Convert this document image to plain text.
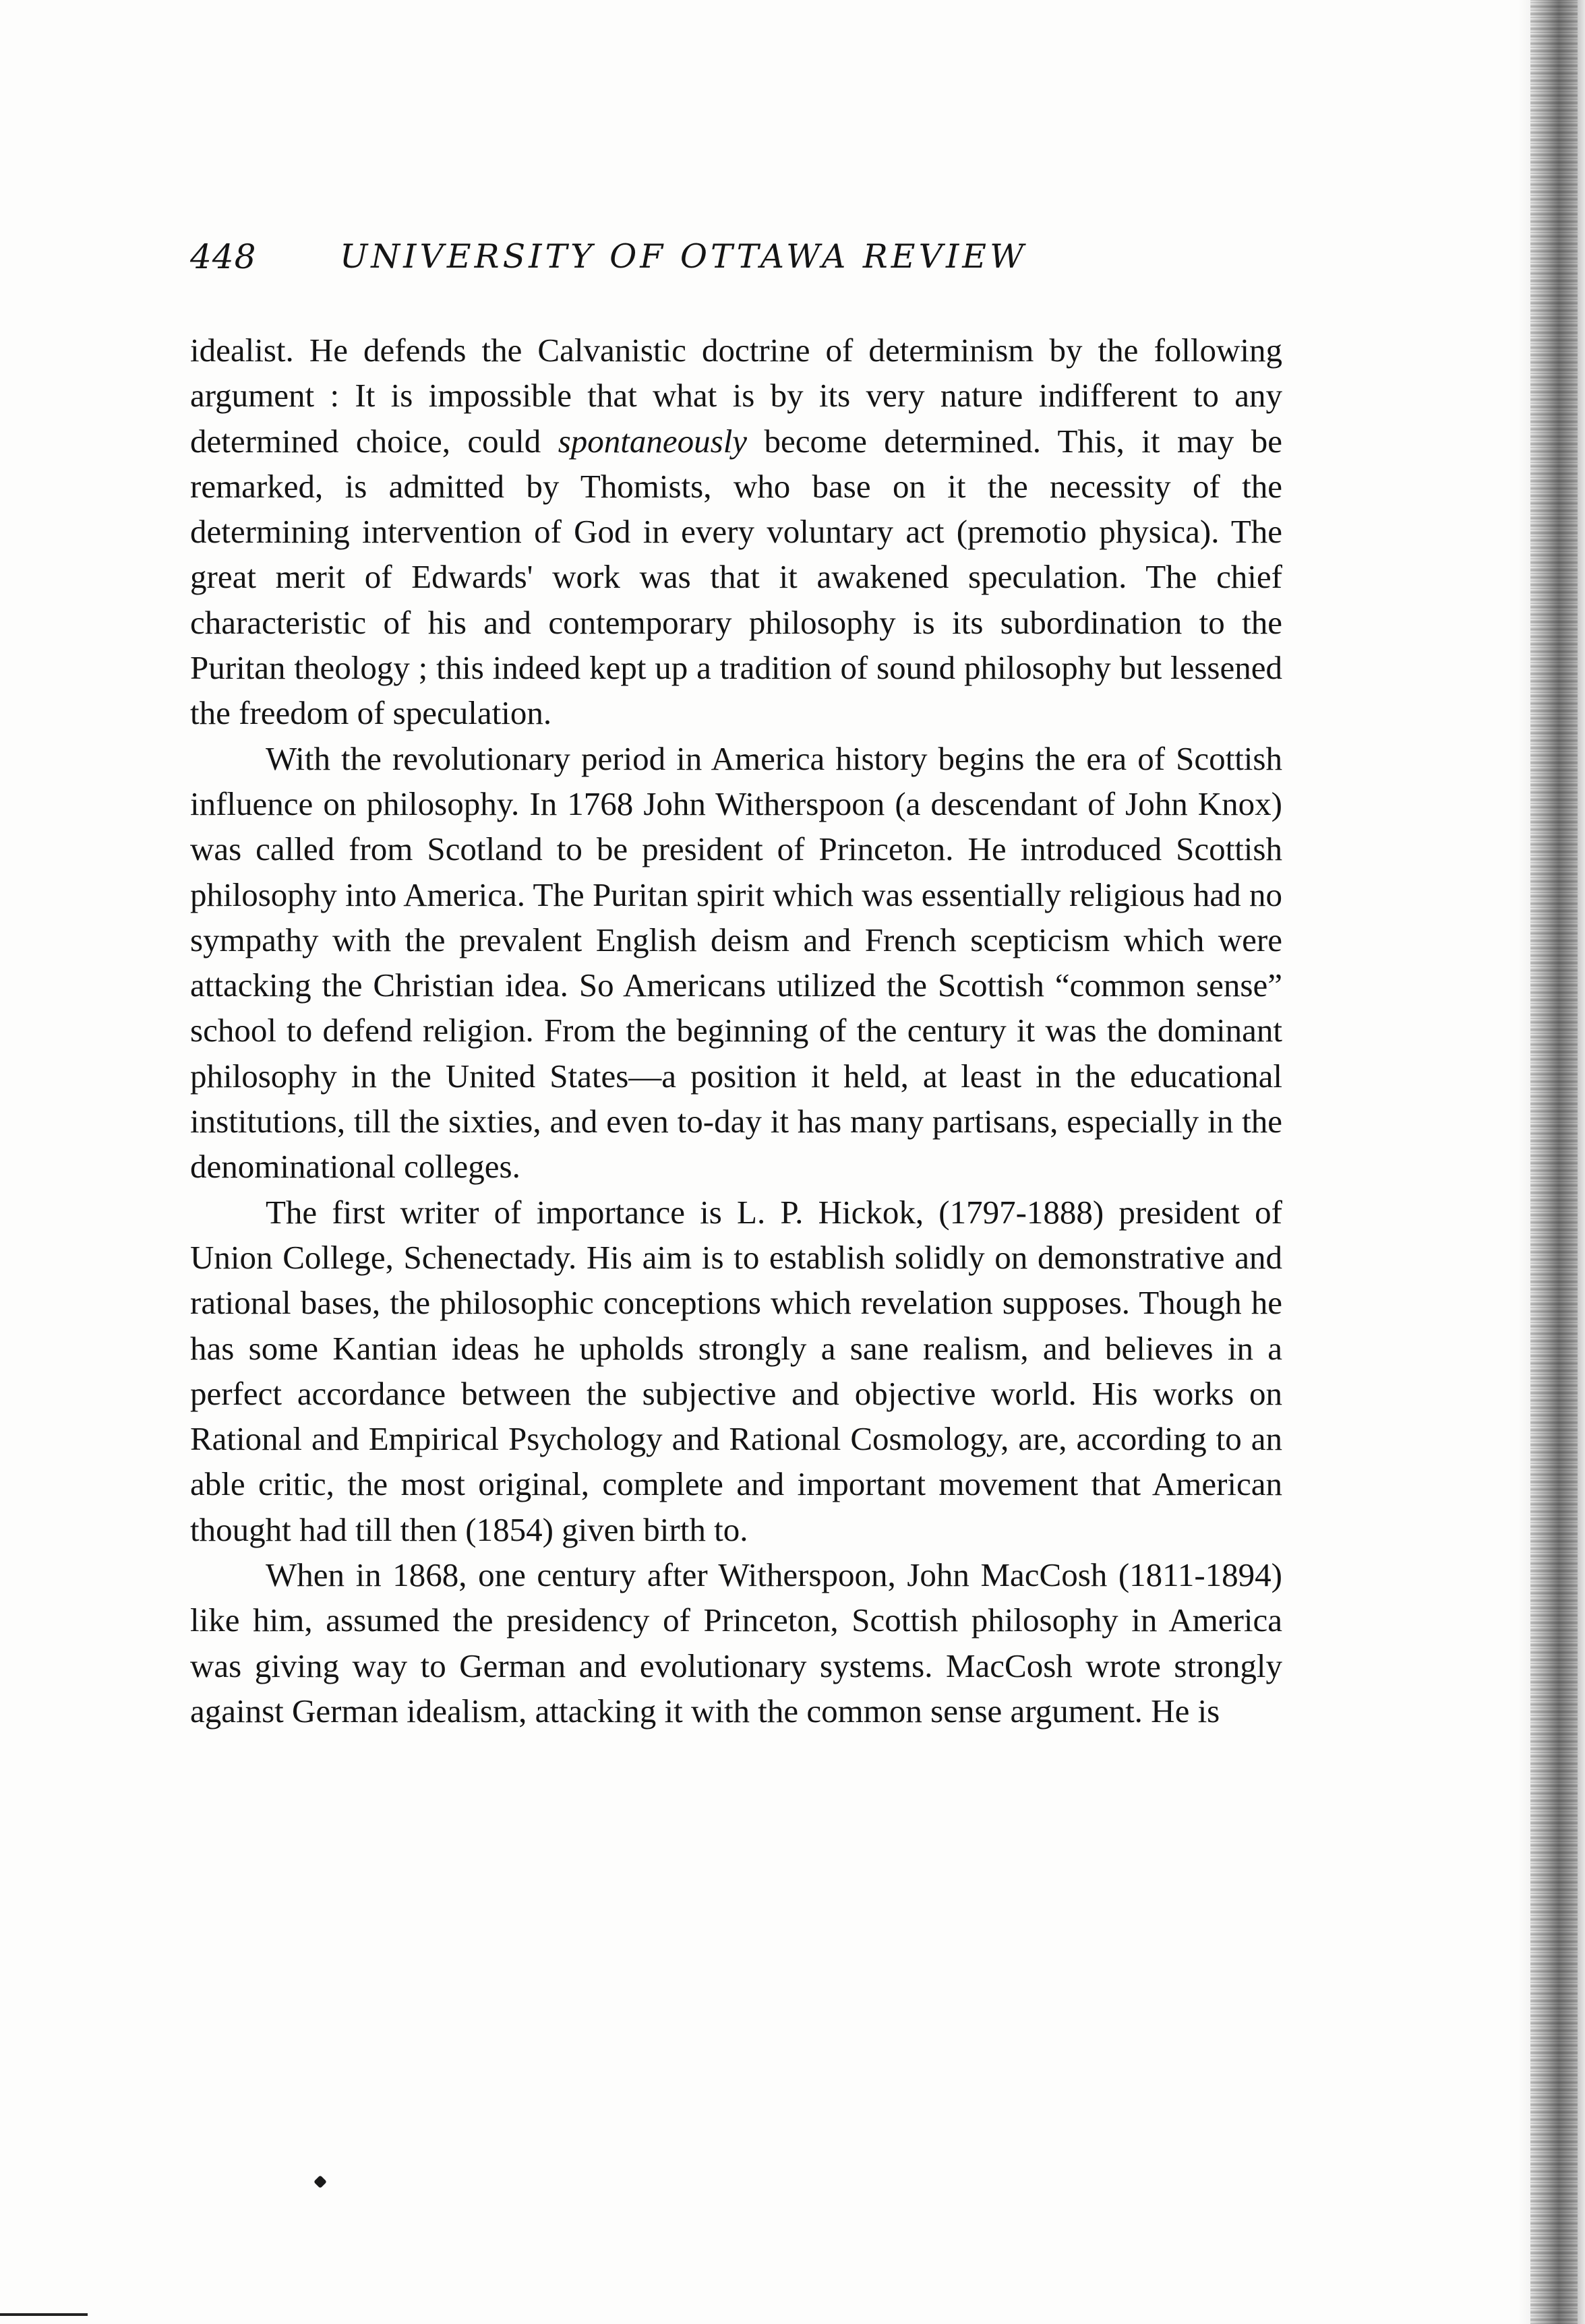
448	UNIVERSITY OF OTTAWA REVIEW

idealist. He defends the Calvanistic doctrine of determinism by the following argument : It is impossible that what is by its very nature indifferent to any determined choice, could spontaneously become determined. This, it may be remarked, is admitted by Thomists, who base on it the necessity of the determining intervention of God in every voluntary act (premotio physica). The great merit of Edwards' work was that it awakened speculation. The chief characteristic of his and contemporary philosophy is its subordination to the Puritan theology ; this indeed kept up a tradition of sound philosophy but lessened the freedom of speculation.

With the revolutionary period in America history begins the era of Scottish influence on philosophy. In 1768 John Witherspoon (a descendant of John Knox) was called from Scotland to be president of Princeton. He introduced Scottish philosophy into America. The Puritan spirit which was essentially religious had no sympathy with the prevalent English deism and French scepticism which were attacking the Christian idea. So Americans utilized the Scottish “common sense” school to defend religion. From the beginning of the century it was the dominant philosophy in the United States—a position it held, at least in the educational institutions, till the sixties, and even to-day it has many partisans, especially in the denominational colleges.

The first writer of importance is L. P. Hickok, (1797-1888) president of Union College, Schenectady. His aim is to establish solidly on demonstrative and rational bases, the philosophic conceptions which revelation supposes. Though he has some Kantian ideas he upholds strongly a sane realism, and believes in a perfect accordance between the subjective and objective world. His works on Rational and Empirical Psychology and Rational Cosmology, are, according to an able critic, the most original, complete and important movement that American thought had till then (1854) given birth to.

When in 1868, one century after Witherspoon, John MacCosh (1811-1894) like him, assumed the presidency of Princeton, Scottish philosophy in America was giving way to German and evolutionary systems. MacCosh wrote strongly against German idealism, attacking it with the common sense argument. He is
